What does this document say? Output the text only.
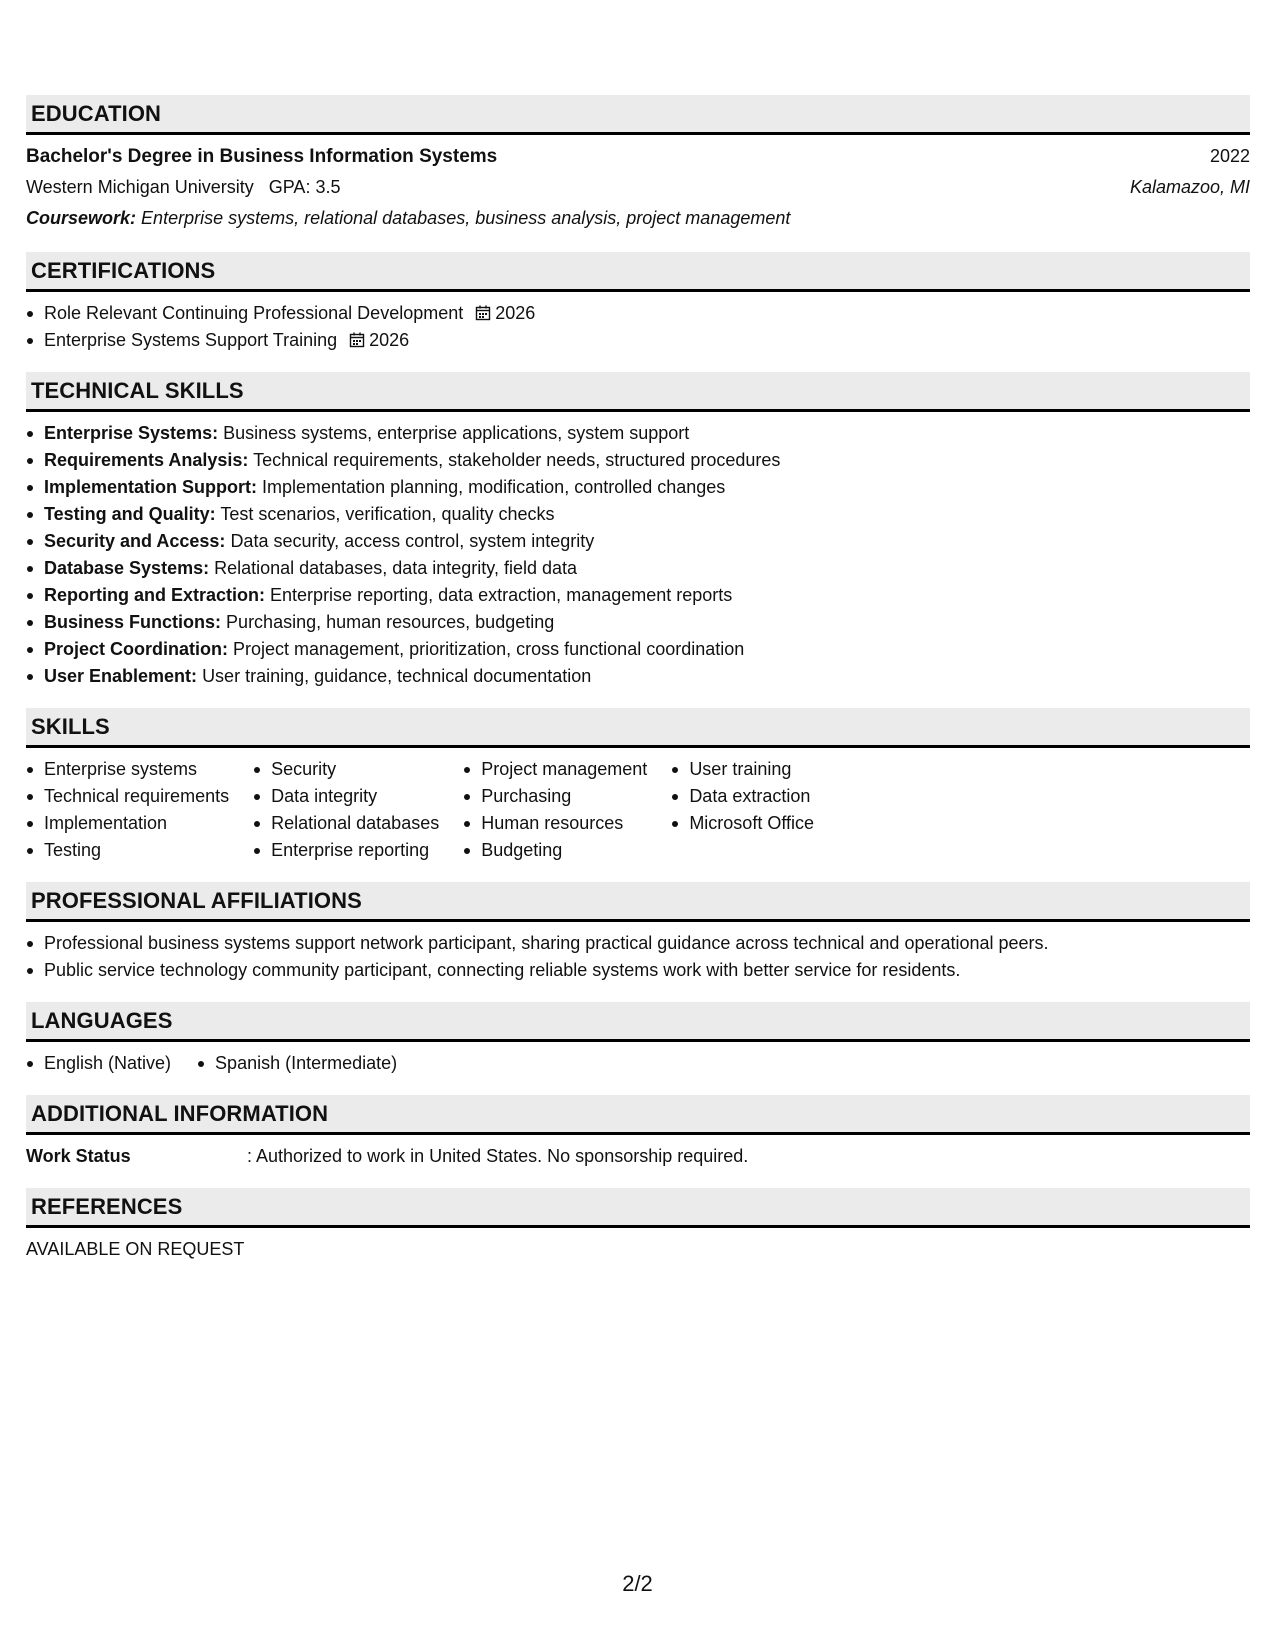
EDUCATION
Bachelor's Degree in Business Information Systems	2022
Western Michigan University GPA: 3.5	Kalamazoo, MI
Coursework: Enterprise systems, relational databases, business analysis, project management
CERTIFICATIONS
Role Relevant Continuing Professional Development 2026
Enterprise Systems Support Training 2026
TECHNICAL SKILLS
Enterprise Systems: Business systems, enterprise applications, system support
Requirements Analysis: Technical requirements, stakeholder needs, structured procedures
Implementation Support: Implementation planning, modification, controlled changes
Testing and Quality: Test scenarios, verification, quality checks
Security and Access: Data security, access control, system integrity
Database Systems: Relational databases, data integrity, field data
Reporting and Extraction: Enterprise reporting, data extraction, management reports
Business Functions: Purchasing, human resources, budgeting
Project Coordination: Project management, prioritization, cross functional coordination
User Enablement: User training, guidance, technical documentation
SKILLS
Enterprise systems
Technical requirements
Implementation
Testing
Security
Data integrity
Relational databases
Enterprise reporting
Project management
Purchasing
Human resources
Budgeting
User training
Data extraction
Microsoft Office
PROFESSIONAL AFFILIATIONS
Professional business systems support network participant, sharing practical guidance across technical and operational peers.
Public service technology community participant, connecting reliable systems work with better service for residents.
LANGUAGES
English (Native) Spanish (Intermediate)
ADDITIONAL INFORMATION
Work Status	: Authorized to work in United States. No sponsorship required.
REFERENCES
AVAILABLE ON REQUEST
2/2
